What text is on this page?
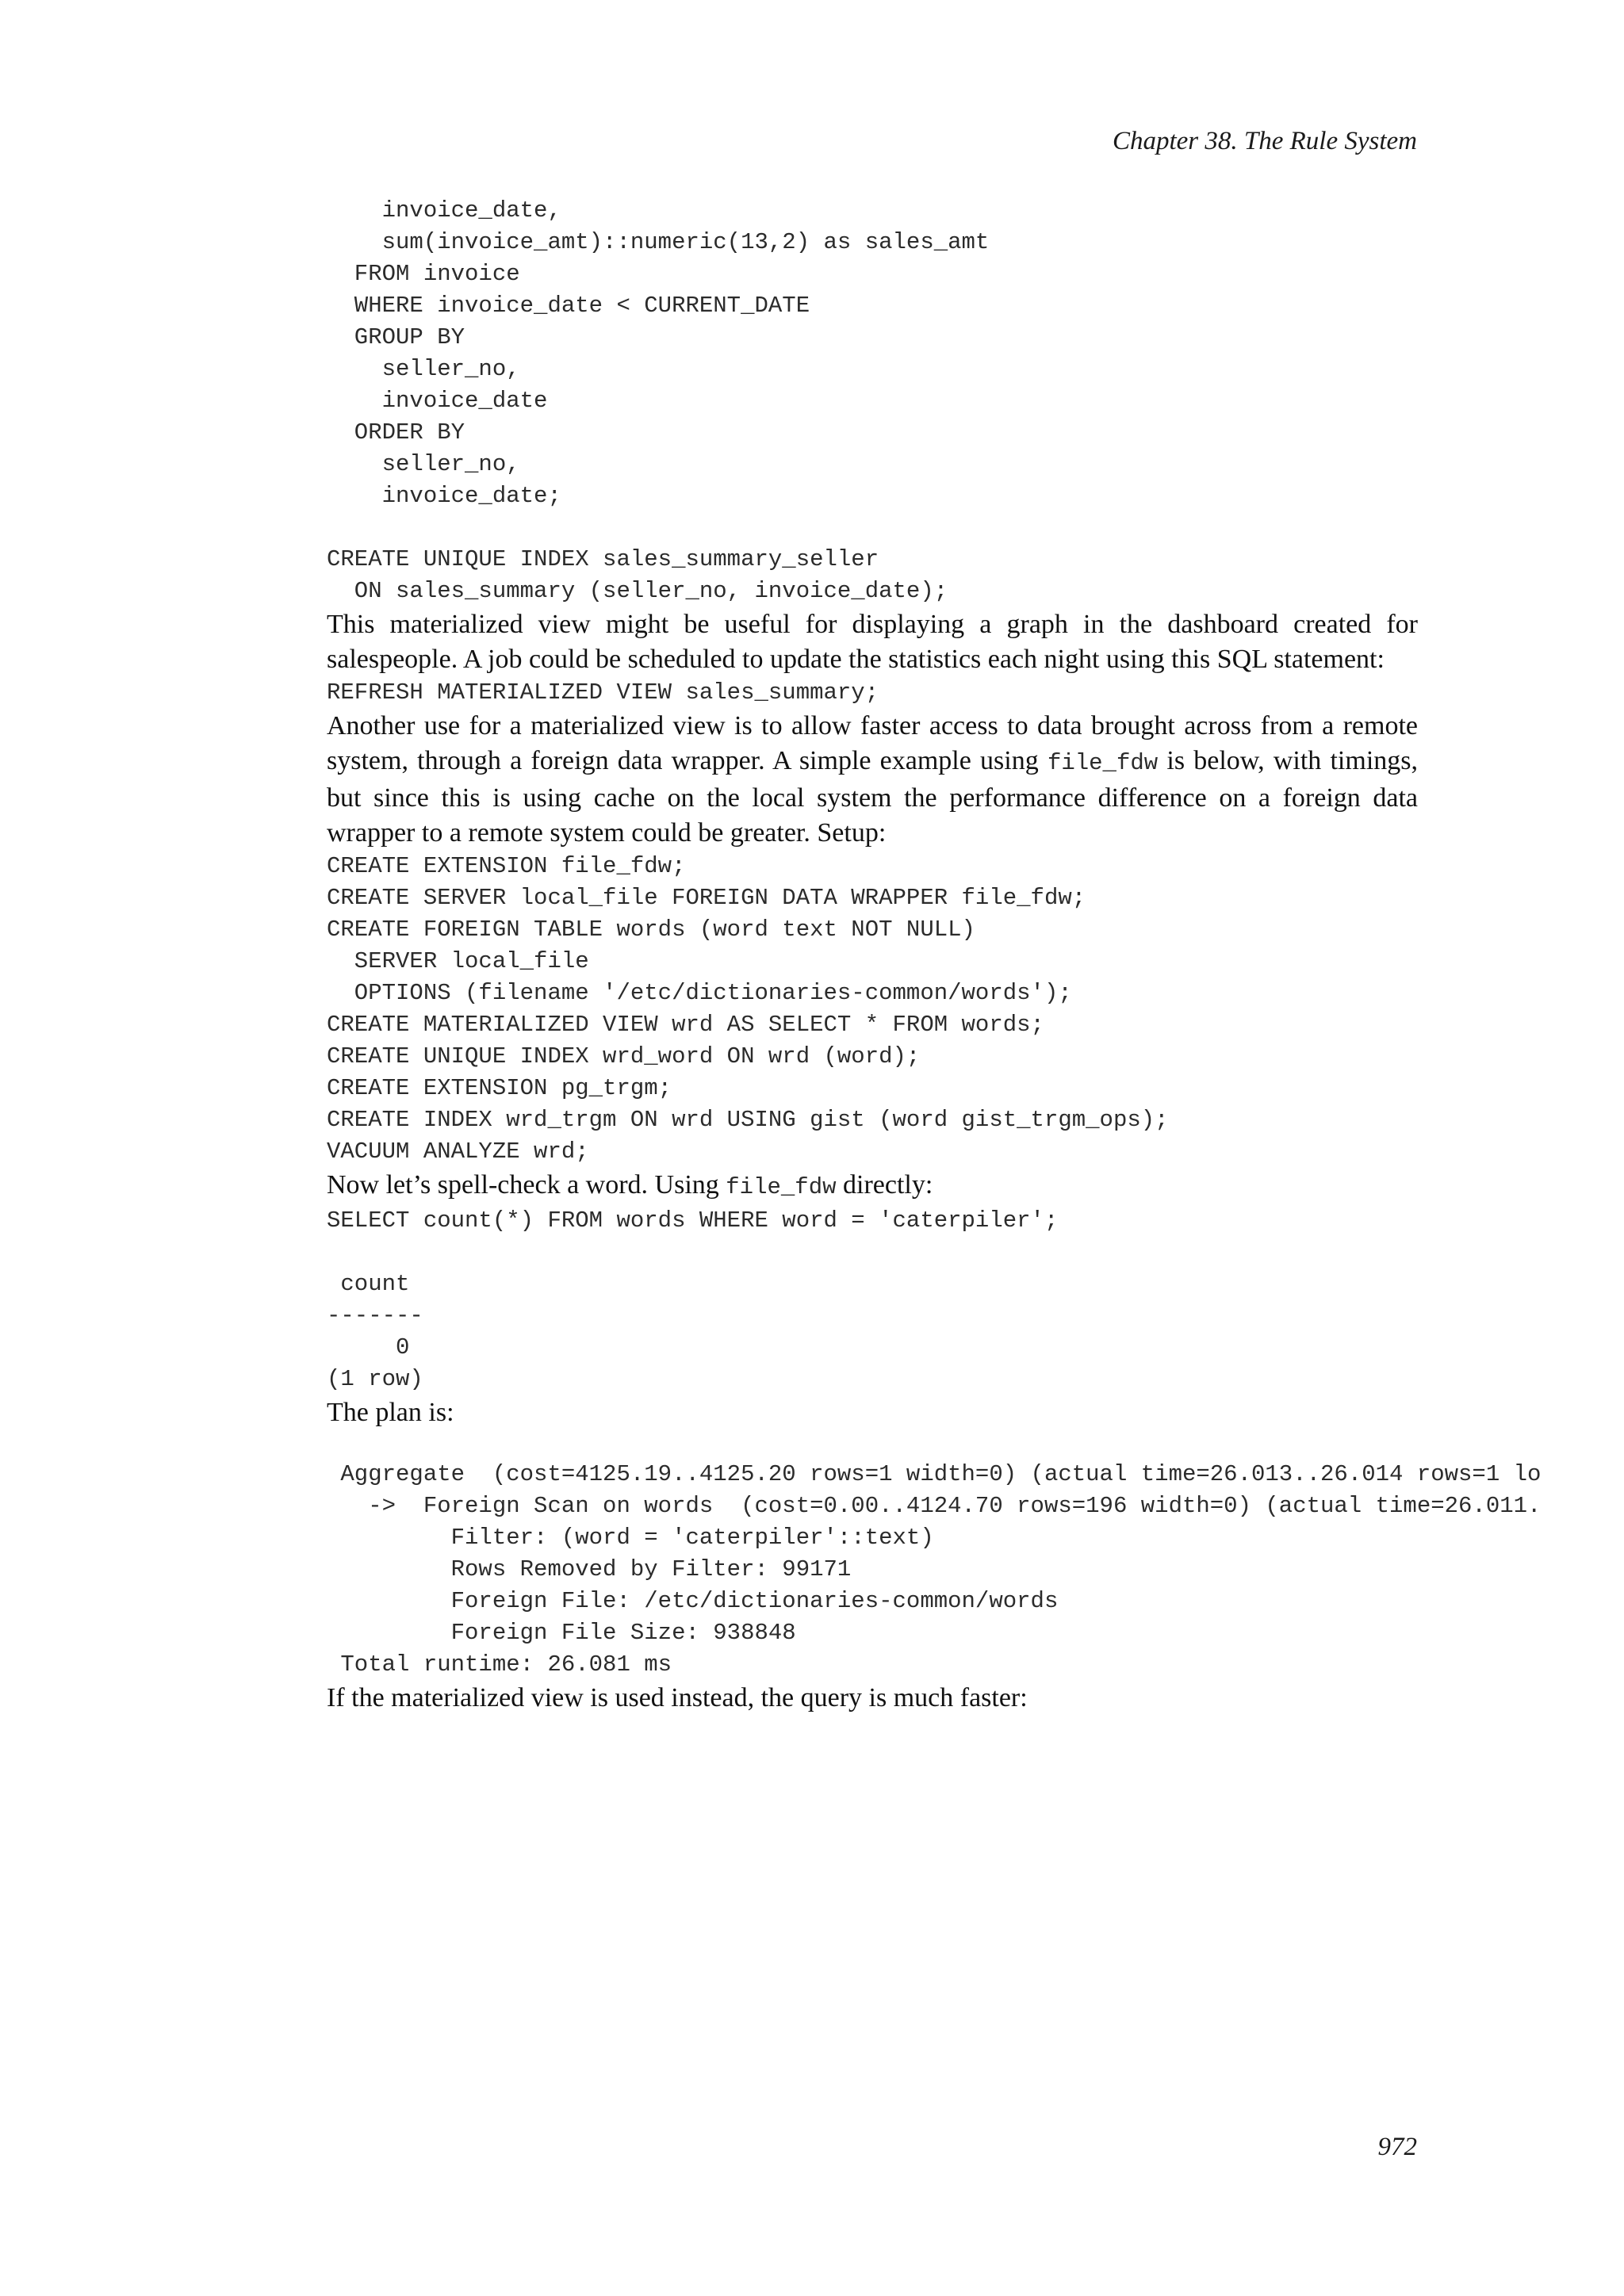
Chapter 38. The Rule System
invoice_date,
sum(invoice_amt)::numeric(13,2) as sales_amt
FROM invoice
WHERE invoice_date < CURRENT_DATE
GROUP BY
seller_no,
invoice_date
ORDER BY
seller_no,
invoice_date;

CREATE UNIQUE INDEX sales_summary_seller
ON sales_summary (seller_no, invoice_date);

This materialized view might be useful for displaying a graph in the dashboard created for salespeople. A job could be scheduled to update the statistics each night using this SQL statement:

REFRESH MATERIALIZED VIEW sales_summary;

Another use for a materialized view is to allow faster access to data brought across from a remote system, through a foreign data wrapper. A simple example using file_fdw is below, with timings, but since this is using cache on the local system the performance difference on a foreign data wrapper to a remote system could be greater. Setup:

CREATE EXTENSION file_fdw;
CREATE SERVER local_file FOREIGN DATA WRAPPER file_fdw;
CREATE FOREIGN TABLE words (word text NOT NULL)
SERVER local_file
OPTIONS (filename '/etc/dictionaries-common/words');
CREATE MATERIALIZED VIEW wrd AS SELECT * FROM words;
CREATE UNIQUE INDEX wrd_word ON wrd (word);
CREATE EXTENSION pg_trgm;
CREATE INDEX wrd_trgm ON wrd USING gist (word gist_trgm_ops);
VACUUM ANALYZE wrd;

Now let’s spell-check a word. Using file_fdw directly:

SELECT count(*) FROM words WHERE word = 'caterpiler';

count
-------
0
(1 row)

The plan is:

Aggregate  (cost=4125.19..4125.20 rows=1 width=0) (actual time=26.013..26.014 rows=1 lo
->  Foreign Scan on words  (cost=0.00..4124.70 rows=196 width=0) (actual time=26.011.
Filter: (word = 'caterpiler'::text)
Rows Removed by Filter: 99171
Foreign File: /etc/dictionaries-common/words
Foreign File Size: 938848
Total runtime: 26.081 ms

If the materialized view is used instead, the query is much faster:

972
